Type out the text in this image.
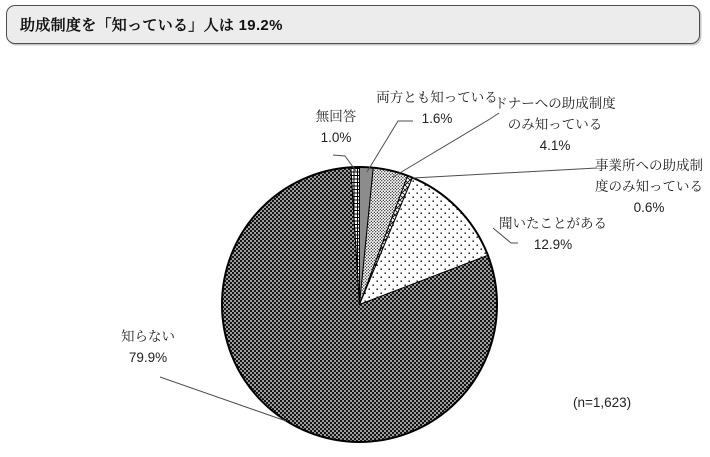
助成制度を「知っている」人は 19.2%
無回答
1.0%
両方とも知っている
1.6%
ドナーへの助成制度
のみ知っている
4.1%
事業所への助成制
度のみ知っている
0.6%
聞いたことがある
12.9%
知らない
79.9%
(n=1,623)
